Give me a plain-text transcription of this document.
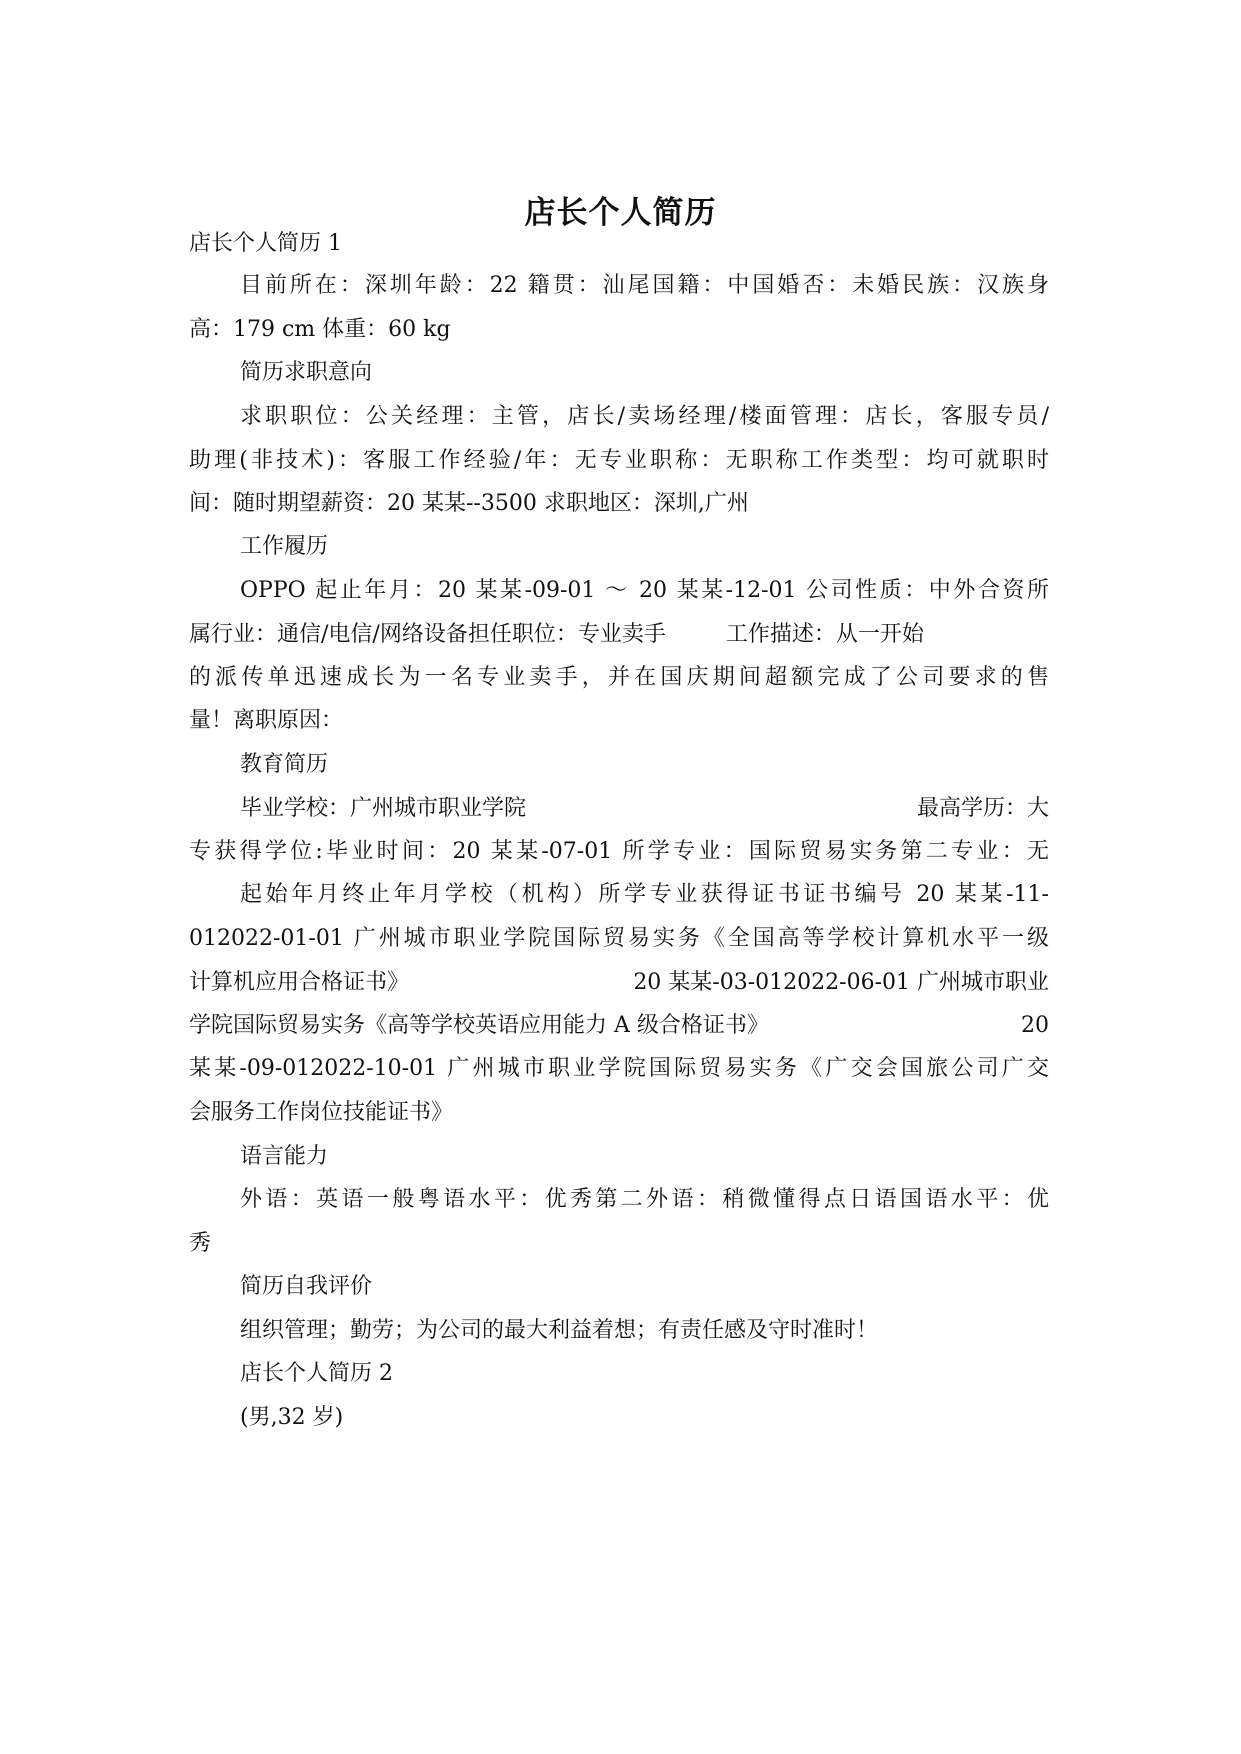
店长个人简历

店长个人简历 1

目前所在：深圳年龄：22 籍贯：汕尾国籍：中国婚否：未婚民族：汉族身

高：179 cm 体重：60 kg

简历求职意向

求职职位：公关经理：主管，店长/卖场经理/楼面管理：店长，客服专员/

助理(非技术)：客服工作经验/年：无专业职称：无职称工作类型：均可就职时

间：随时期望薪资：20 某某--3500 求职地区：深圳,广州

工作履历

OPPO 起止年月：20 某某-09-01 ～ 20 某某-12-01 公司性质：中外合资所

属行业：通信/电信/网络设备担任职位：专业卖手	工作描述：从一开始

的派传单迅速成长为一名专业卖手，并在国庆期间超额完成了公司要求的售

量！离职原因：

教育简历

毕业学校：广州城市职业学院	最高学历：大

专获得学位:毕业时间：20 某某-07-01 所学专业：国际贸易实务第二专业：无

起始年月终止年月学校（机构）所学专业获得证书证书编号 20 某某-11-

012022-01-01 广州城市职业学院国际贸易实务《全国高等学校计算机水平一级

计算机应用合格证书》	20 某某-03-012022-06-01 广州城市职业

学院国际贸易实务《高等学校英语应用能力 A 级合格证书》	20

某某-09-012022-10-01 广州城市职业学院国际贸易实务《广交会国旅公司广交

会服务工作岗位技能证书》

语言能力

外语：英语一般粤语水平：优秀第二外语：稍微懂得点日语国语水平：优

秀

简历自我评价

组织管理；勤劳；为公司的最大利益着想；有责任感及守时准时！

店长个人简历 2

(男,32 岁)
